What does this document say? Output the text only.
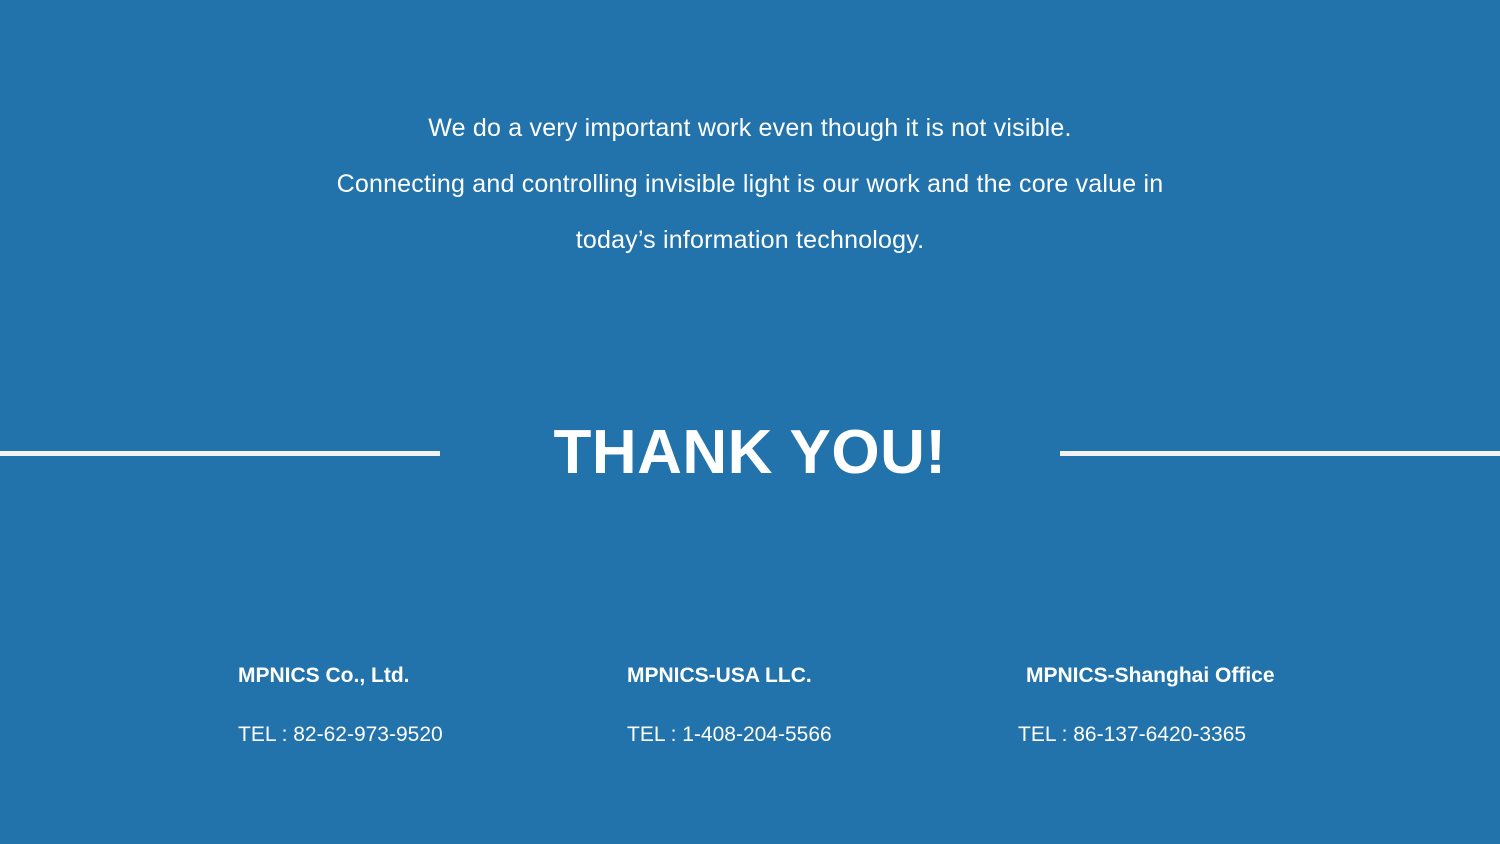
We do a very important work even though it is not visible.
Connecting and controlling invisible light is our work and the core value in
today’s information technology.
THANK YOU!
MPNICS Co., Ltd.
TEL : 82-62-973-9520
MPNICS-USA LLC.
TEL : 1-408-204-5566
MPNICS-Shanghai Office
TEL : 86-137-6420-3365
